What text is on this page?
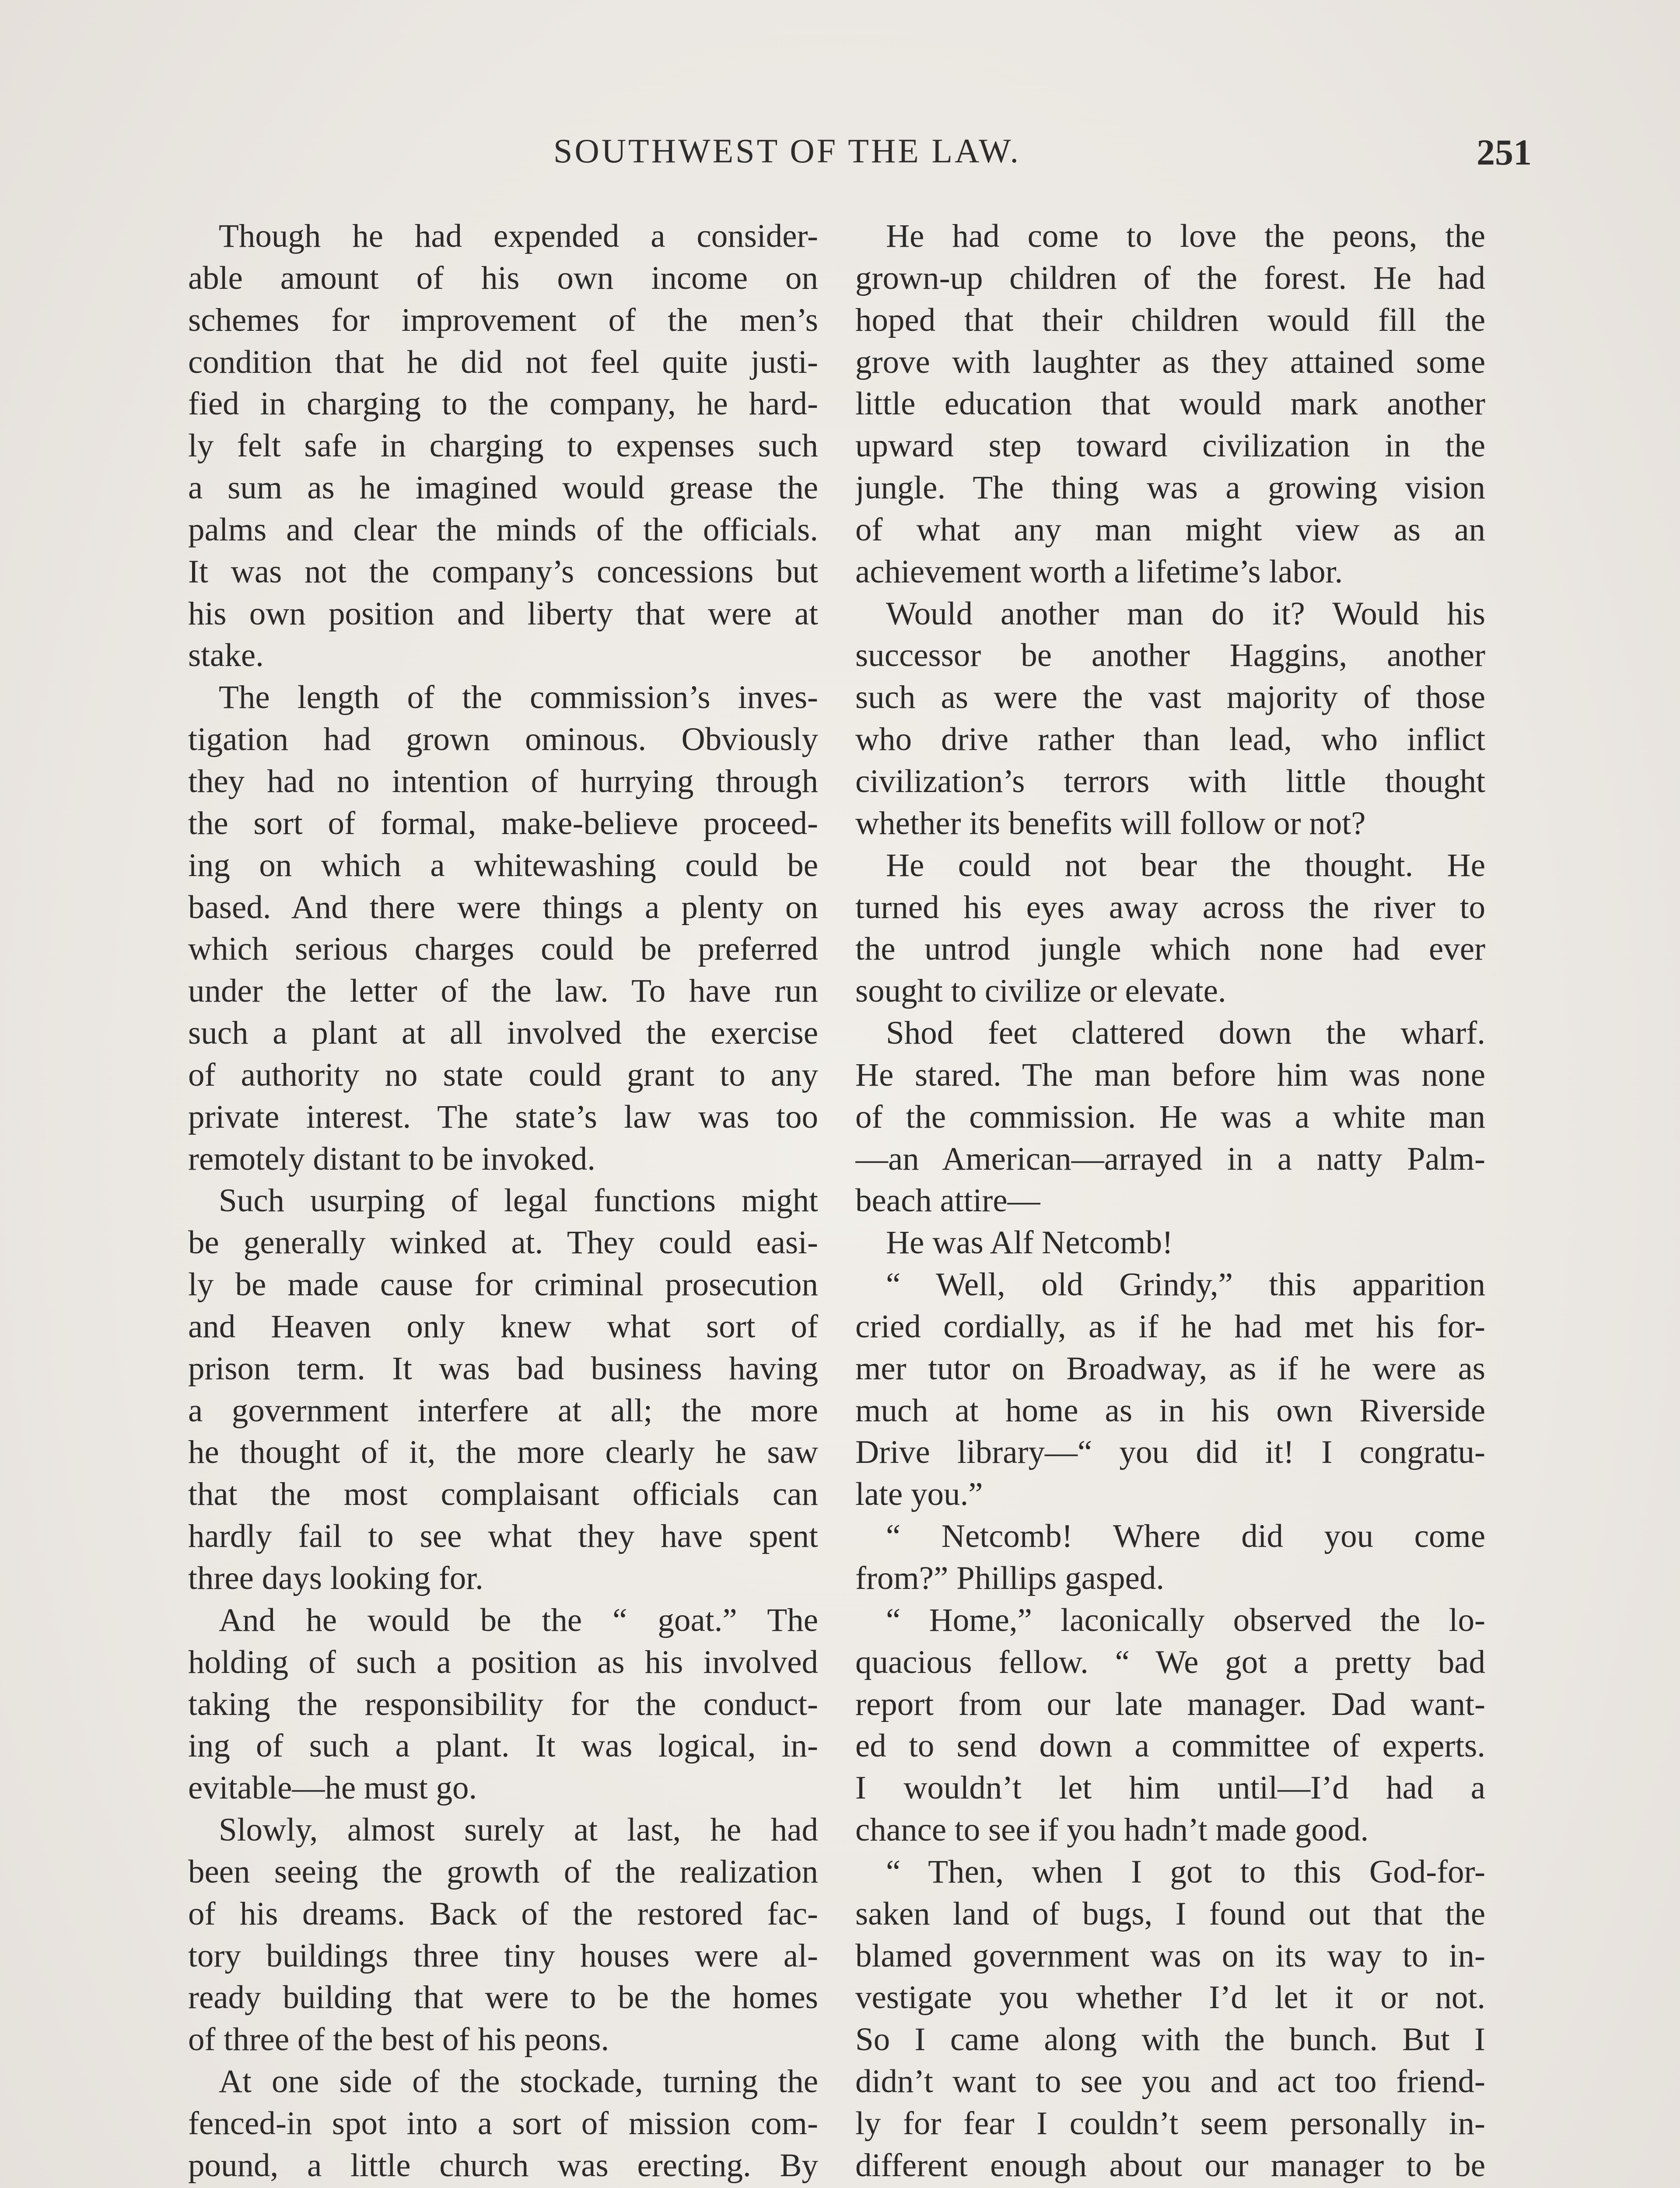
SOUTHWEST OF THE LAW.	251
Though he had expended a consider-
able amount of his own income on
schemes for improvement of the men’s
condition that he did not feel quite justi-
fied in charging to the company, he hard-
ly felt safe in charging to expenses such
a sum as he imagined would grease the
palms and clear the minds of the officials.
It was not the company’s concessions but
his own position and liberty that were at
stake.
The length of the commission’s inves-
tigation had grown ominous. Obviously
they had no intention of hurrying through
the sort of formal, make-believe proceed-
ing on which a whitewashing could be
based. And there were things a plenty on
which serious charges could be preferred
under the letter of the law. To have run
such a plant at all involved the exercise
of authority no state could grant to any
private interest. The state’s law was too
remotely distant to be invoked.
Such usurping of legal functions might
be generally winked at. They could easi-
ly be made cause for criminal prosecution
and Heaven only knew what sort of
prison term. It was bad business having
a government interfere at all; the more
he thought of it, the more clearly he saw
that the most complaisant officials can
hardly fail to see what they have spent
three days looking for.
And he would be the “ goat.” The
holding of such a position as his involved
taking the responsibility for the conduct-
ing of such a plant. It was logical, in-
evitable—he must go.
Slowly, almost surely at last, he had
been seeing the growth of the realization
of his dreams. Back of the restored fac-
tory buildings three tiny houses were al-
ready building that were to be the homes
of three of the best of his peons.
At one side of the stockade, turning the
fenced-in spot into a sort of mission com-
pound, a little church was erecting. By
He had come to love the peons, the
grown-up children of the forest. He had
hoped that their children would fill the
grove with laughter as they attained some
little education that would mark another
upward step toward civilization in the
jungle. The thing was a growing vision
of what any man might view as an
achievement worth a lifetime’s labor.
Would another man do it? Would his
successor be another Haggins, another
such as were the vast majority of those
who drive rather than lead, who inflict
civilization’s terrors with little thought
whether its benefits will follow or not?
He could not bear the thought. He
turned his eyes away across the river to
the untrod jungle which none had ever
sought to civilize or elevate.
Shod feet clattered down the wharf.
He stared. The man before him was none
of the commission. He was a white man
—an American—arrayed in a natty Palm-
beach attire—
He was Alf Netcomb!
“ Well, old Grindy,” this apparition
cried cordially, as if he had met his for-
mer tutor on Broadway, as if he were as
much at home as in his own Riverside
Drive library—“ you did it! I congratu-
late you.”
“ Netcomb! Where did you come
from?” Phillips gasped.
“ Home,” laconically observed the lo-
quacious fellow. “ We got a pretty bad
report from our late manager. Dad want-
ed to send down a committee of experts.
I wouldn’t let him until—I’d had a
chance to see if you hadn’t made good.
“ Then, when I got to this God-for-
saken land of bugs, I found out that the
blamed government was on its way to in-
vestigate you whether I’d let it or not.
So I came along with the bunch. But I
didn’t want to see you and act too friend-
ly for fear I couldn’t seem personally in-
different enough about our manager to be
